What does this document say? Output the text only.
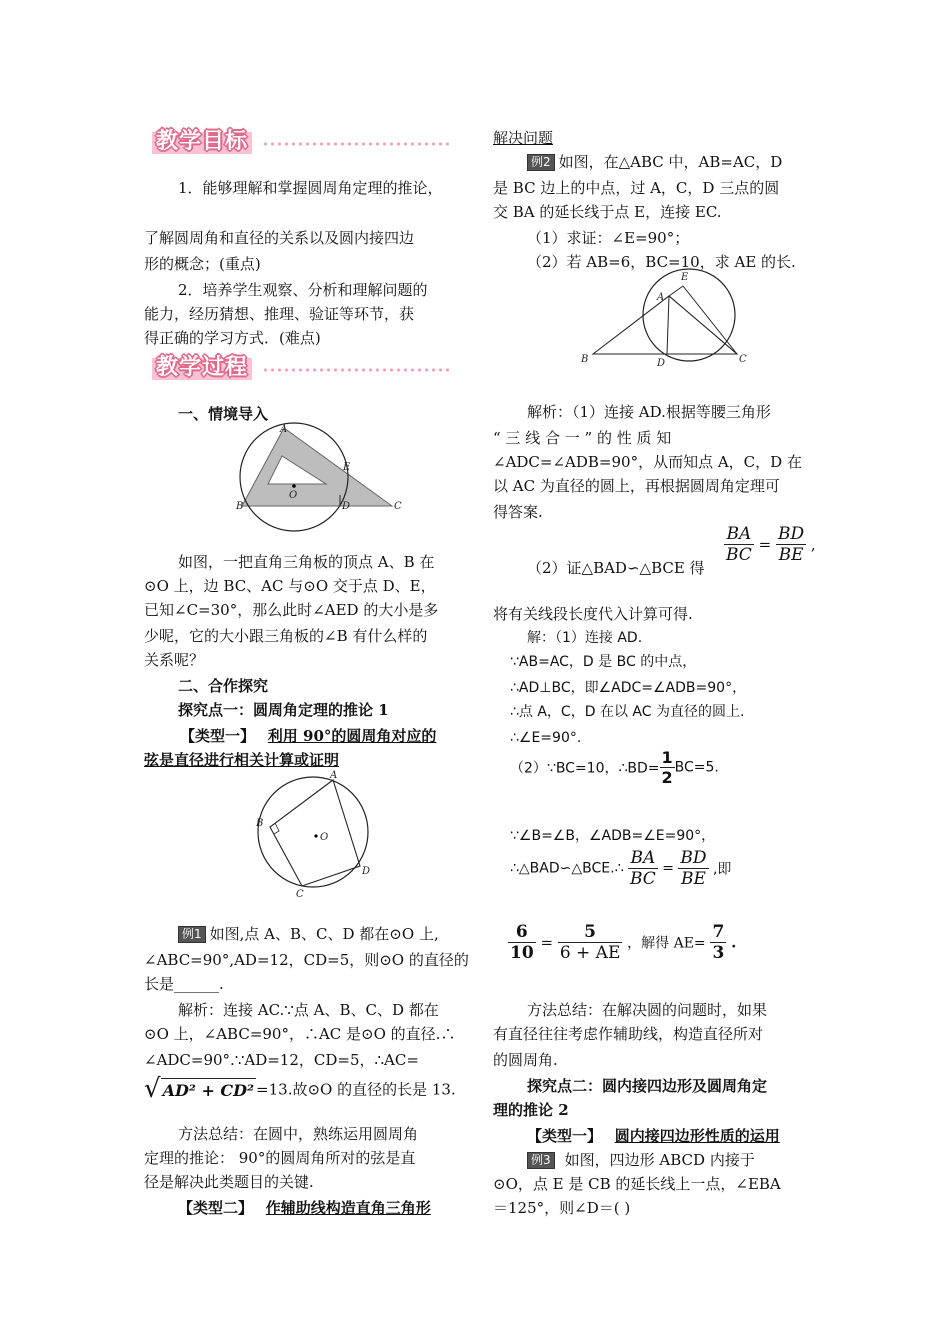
教学目标
1．能够理解和掌握圆周角定理的推论，
了解圆周角和直径的关系以及圆内接四边
形的概念；(重点)
2．培养学生观察、分析和理解问题的
能力，经历猜想、推理、验证等环节，获
得正确的学习方式．(难点)
教学过程
一、情境导入
A
E
B
O
D	C
如图，一把直角三角板的顶点 A、B 在
⊙O 上，边 BC、AC 与⊙O 交于点 D、E，
已知∠C=30°，那么此时∠AED 的大小是多
少呢，它的大小跟三角板的∠B 有什么样的
关系呢？
二、合作探究
探究点一：圆周角定理的推论 1
【类型一】 利用 90°的圆周角对应的
弦是直径进行相关计算或证明
A
B
O
C
D
例1 如图,点 A、B、C、D 都在⊙O 上,
∠ABC=90°,AD=12，CD=5，则⊙O 的直径的
长是______.
解析：连接 AC.∵点 A、B、C、D 都在
⊙O 上，∠ABC=90°，∴AC 是⊙O 的直径.∴
∠ADC=90°.∵AD=12，CD=5，∴AC=
√ AD² + CD² =13.故⊙O 的直径的长是 13.
方法总结：在圆中，熟练运用圆周角
定理的推论： 90°的圆周角所对的弦是直
径是解决此类题目的关键.
【类型二】 作辅助线构造直角三角形
解决问题
例2 如图，在△ABC 中，AB=AC，D
是 BC 边上的中点，过 A，C，D 三点的圆
交 BA 的延长线于点 E，连接 EC.
（1）求证：∠E=90°；
（2）若 AB=6，BC=10，求 AE 的长.
A
E
B	D	C
解析：（1）连接 AD.根据等腰三角形
“ 三 线 合 一 ” 的 性 质 知
∠ADC=∠ADB=90°，从而知点 A，C，D 在
以 AC 为直径的圆上，再根据圆周角定理可
得答案.
（2）证△BAD∽△BCE 得
$\frac{BA}{BC} = \frac{BD}{BE}$ ,
将有关线段长度代入计算可得.
解：（1）连接 AD.
∵AB=AC，D 是 BC 的中点，
∴AD⊥BC，即∠ADC=∠ADB=90°，
∴点 A，C，D 在以 AC 为直径的圆上.
∴∠E=90°.
（2）∵BC=10，∴BD= $\frac{1}{2} BC=5$.
∵∠B=∠B，∠ADB=∠E=90°，
∴△BAD∽△BCE.∴ $\frac{BA}{BC} = \frac{BD}{BE}$ ,即
$\frac{6}{10} = \frac{5}{6 + AE}$ ，解得 $AE= \frac{7}{3}$ .
方法总结：在解决圆的问题时，如果
有直径往往考虑作辅助线，构造直径所对
的圆周角.
探究点二：圆内接四边形及圆周角定
理的推论 2
【类型一】 圆内接四边形性质的运用
例3 如图，四边形 ABCD 内接于
⊙O，点 E 是 CB 的延长线上一点，∠EBA
＝125°，则∠D＝( )
